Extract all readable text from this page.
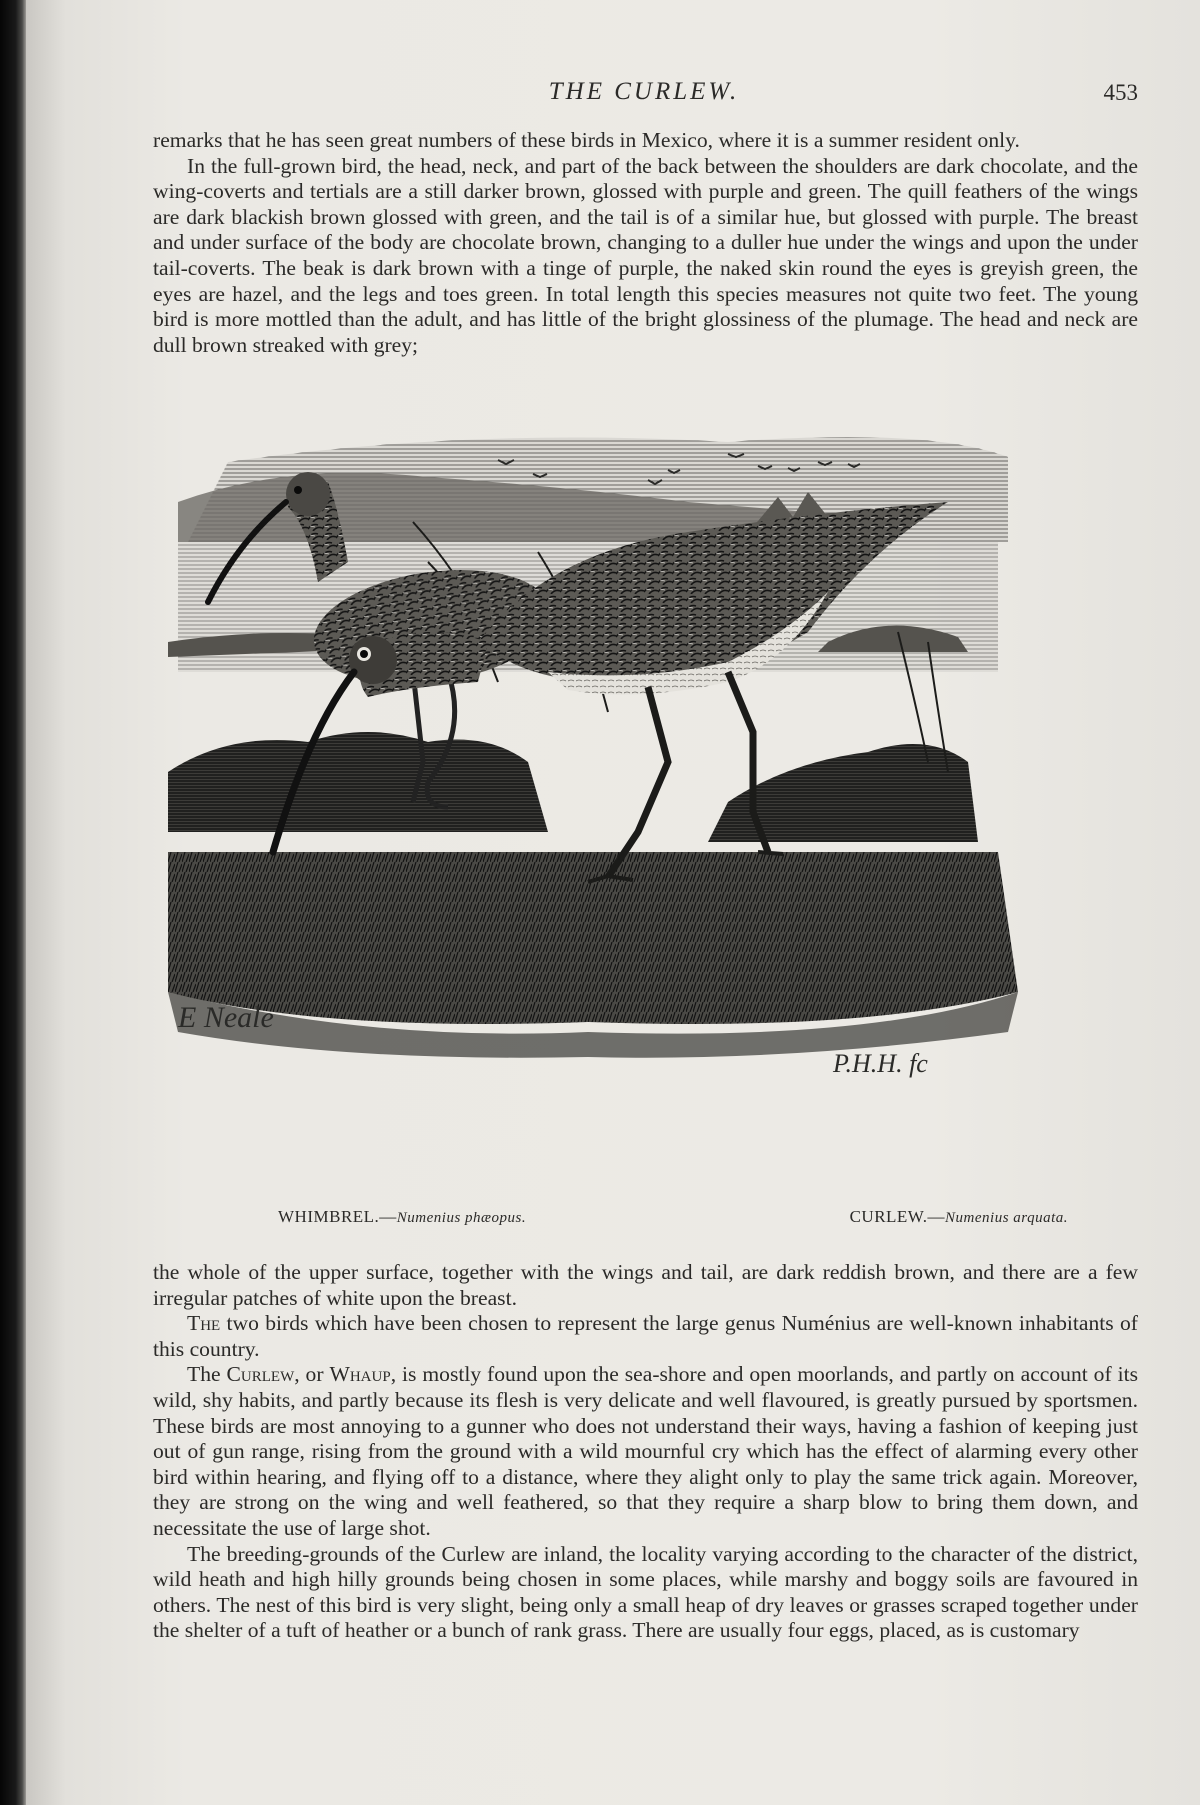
THE CURLEW.	453

remarks that he has seen great numbers of these birds in Mexico, where it is a summer resident only.

In the full-grown bird, the head, neck, and part of the back between the shoulders are dark chocolate, and the wing-coverts and tertials are a still darker brown, glossed with purple and green. The quill feathers of the wings are dark blackish brown glossed with green, and the tail is of a similar hue, but glossed with purple. The breast and under surface of the body are chocolate brown, changing to a duller hue under the wings and upon the under tail-coverts. The beak is dark brown with a tinge of purple, the naked skin round the eyes is greyish green, the eyes are hazel, and the legs and toes green. In total length this species measures not quite two feet. The young bird is more mottled than the adult, and has little of the bright glossiness of the plumage. The head and neck are dull brown streaked with grey;

E Neale
P.H.H. fc
WHIMBREL.—Numenius phæopus.	CURLEW.—Numenius arquata.

the whole of the upper surface, together with the wings and tail, are dark reddish brown, and there are a few irregular patches of white upon the breast.

The two birds which have been chosen to represent the large genus Numénius are well-known inhabitants of this country.

The Curlew, or Whaup, is mostly found upon the sea-shore and open moorlands, and partly on account of its wild, shy habits, and partly because its flesh is very delicate and well flavoured, is greatly pursued by sportsmen. These birds are most annoying to a gunner who does not understand their ways, having a fashion of keeping just out of gun range, rising from the ground with a wild mournful cry which has the effect of alarming every other bird within hearing, and flying off to a distance, where they alight only to play the same trick again. Moreover, they are strong on the wing and well feathered, so that they require a sharp blow to bring them down, and necessitate the use of large shot.

The breeding-grounds of the Curlew are inland, the locality varying according to the character of the district, wild heath and high hilly grounds being chosen in some places, while marshy and boggy soils are favoured in others. The nest of this bird is very slight, being only a small heap of dry leaves or grasses scraped together under the shelter of a tuft of heather or a bunch of rank grass. There are usually four eggs, placed, as is customary
